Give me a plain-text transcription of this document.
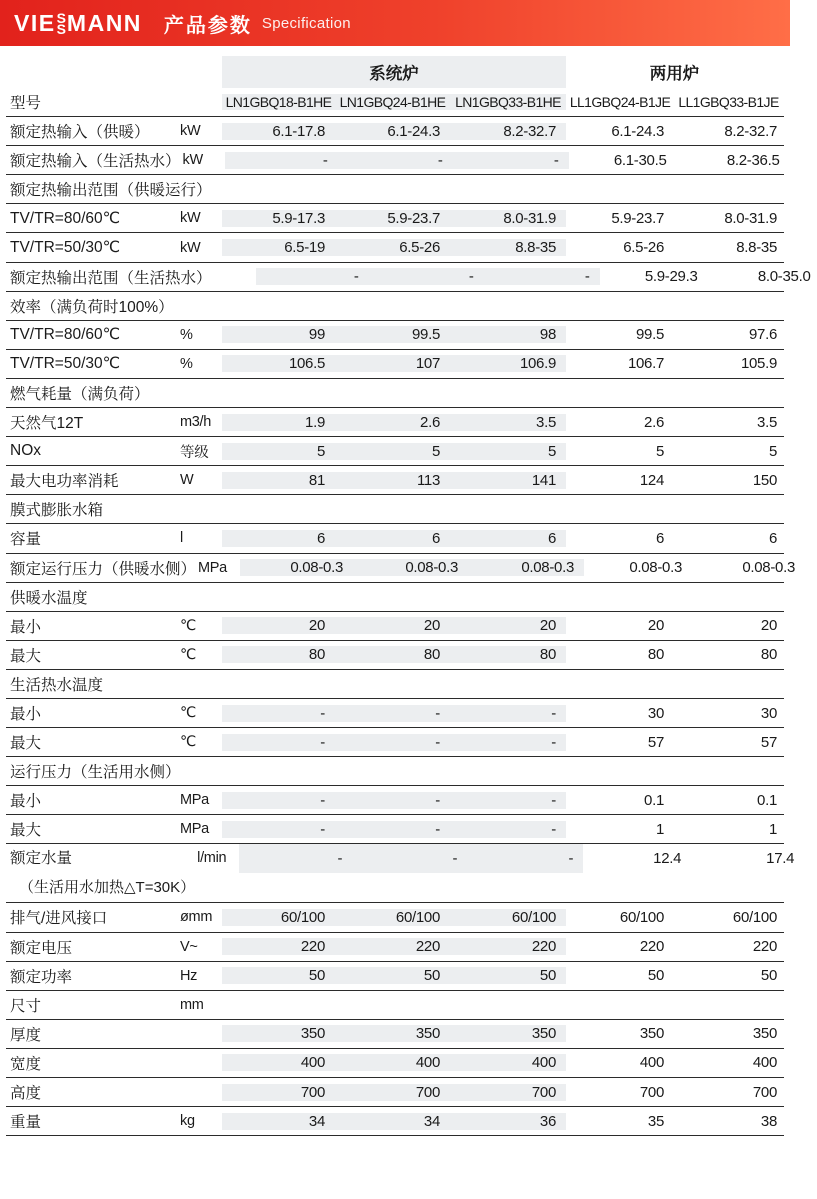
VIE S
S MANN 产品参数 Specification
系统炉	两用炉
型号	LN1GBQ18-B1HE LN1GBQ24-B1HE LN1GBQ33-B1HE LL1GBQ24-B1JE LL1GBQ33-B1JE
额定热输入（供暖）	kW	6.1-17.8	6.1-24.3	8.2-32.7	6.1-24.3	8.2-32.7
额定热输入（生活热水） kW	-	-	-	6.1-30.5	8.2-36.5
额定热输出范围（供暖运行）
TV/TR=80/60℃	kW	5.9-17.3	5.9-23.7	8.0-31.9	5.9-23.7	8.0-31.9
TV/TR=50/30℃	kW	6.5-19	6.5-26	8.8-35	6.5-26	8.8-35
额定热输出范围（生活热水）	-	-	-	5.9-29.3	8.0-35.0
效率（满负荷时100%）
TV/TR=80/60℃	%	99	99.5	98	99.5	97.6
TV/TR=50/30℃	%	106.5	107	106.9	106.7	105.9
燃气耗量（满负荷）
天然气12T	m3/h	1.9	2.6	3.5	2.6	3.5
NOx	等级	5	5	5	5	5
最大电功率消耗	W	81	113	141	124	150
膜式膨胀水箱
容量	l	6	6	6	6	6
额定运行压力（供暖水侧） MPa	0.08-0.3	0.08-0.3	0.08-0.3	0.08-0.3	0.08-0.3
供暖水温度
最小	℃	20	20	20	20	20
最大	℃	80	80	80	80	80
生活热水温度
最小	℃	-	-	-	30	30
最大	℃	-	-	-	57	57
运行压力（生活用水侧）
最小	MPa	-	-	-	0.1	0.1
最大	MPa	-	-	-	1	1
额定水量
（生活用水加热△T=30K）
l/min	-	-	-	12.4	17.4
排气/进风接口	ømm	60/100	60/100	60/100	60/100	60/100
额定电压	V~	220	220	220	220	220
额定功率	Hz	50	50	50	50	50
尺寸	mm
厚度	350	350	350	350	350
宽度	400	400	400	400	400
高度	700	700	700	700	700
重量	kg	34	34	36	35	38
